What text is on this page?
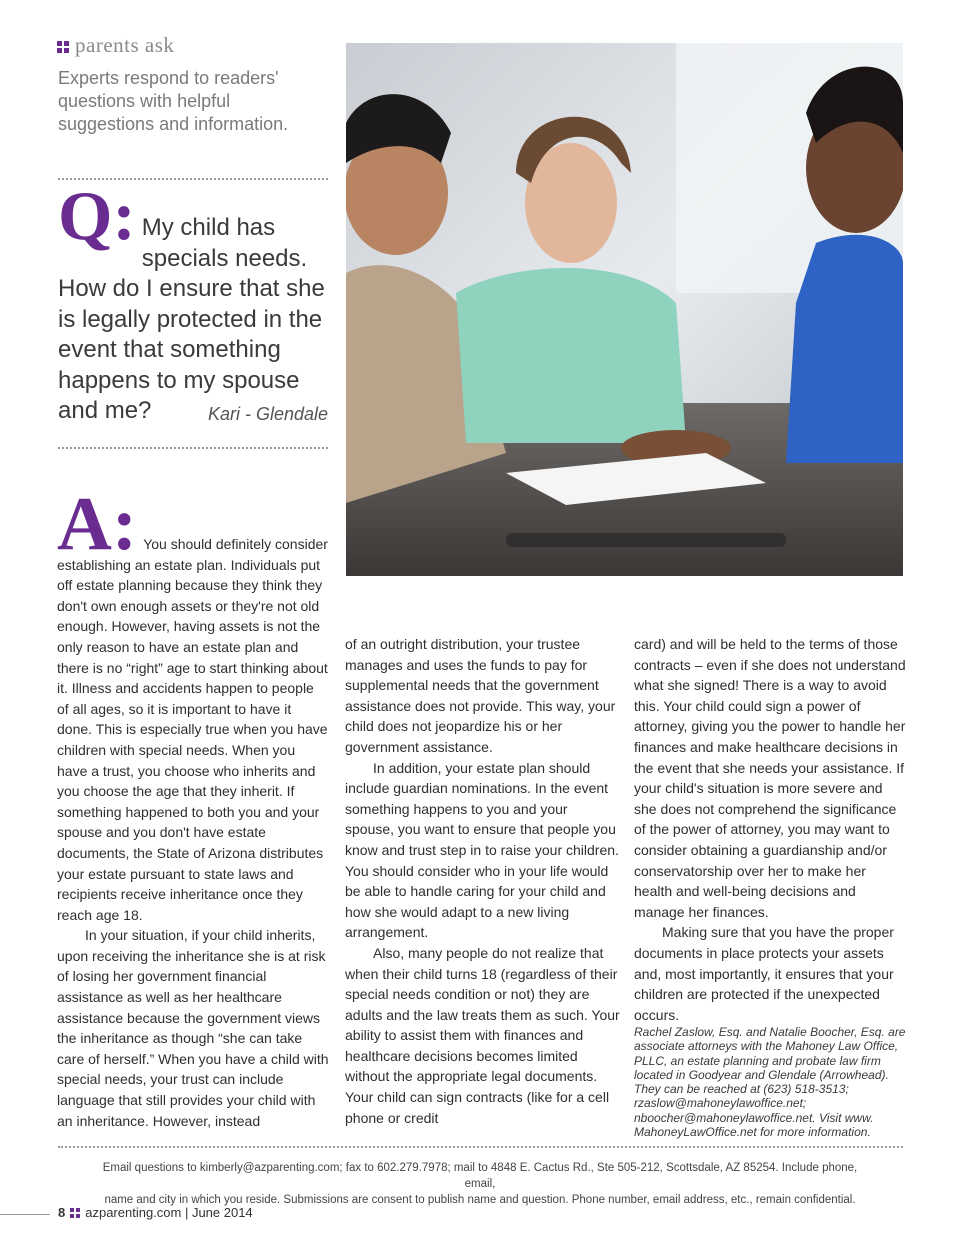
parents ask
Experts respond to readers' questions with helpful suggestions and information.
Q: My child has specials needs. How do I ensure that she is legally protected in the event that something happens to my spouse and me?	Kari - Glendale
A: You should definitely consider

establishing an estate plan. Individuals put off estate planning because they think they don't own enough assets or they're not old enough. However, having assets is not the only reason to have an estate plan and there is no “right” age to start thinking about it. Illness and accidents happen to people of all ages, so it is important to have it done. This is especially true when you have children with special needs. When you have a trust, you choose who inherits and you choose the age that they inherit. If something happened to both you and your spouse and you don't have estate documents, the State of Arizona distributes your estate pursuant to state laws and recipients receive inheritance once they reach age 18.

In your situation, if your child inherits, upon receiving the inheritance she is at risk of losing her government financial assistance as well as her healthcare assistance because the government views the inheritance as though “she can take care of herself.” When you have a child with special needs, your trust can include language that still provides your child with an inheritance. However, instead

of an outright distribution, your trustee manages and uses the funds to pay for supplemental needs that the government assistance does not provide. This way, your child does not jeopardize his or her government assistance.

In addition, your estate plan should include guardian nominations. In the event something happens to you and your spouse, you want to ensure that people you know and trust step in to raise your children. You should consider who in your life would be able to handle caring for your child and how she would adapt to a new living arrangement.

Also, many people do not realize that when their child turns 18 (regardless of their special needs condition or not) they are adults and the law treats them as such. Your ability to assist them with finances and healthcare decisions becomes limited without the appropriate legal documents. Your child can sign contracts (like for a cell phone or credit

card) and will be held to the terms of those contracts – even if she does not understand what she signed! There is a way to avoid this. Your child could sign a power of attorney, giving you the power to handle her finances and make healthcare decisions in the event that she needs your assistance. If your child's situation is more severe and she does not comprehend the significance of the power of attorney, you may want to consider obtaining a guardianship and/or conservatorship over her to make her health and well-being decisions and manage her finances.

Making sure that you have the proper documents in place protects your assets and, most importantly, it ensures that your children are protected if the unexpected occurs.

Rachel Zaslow, Esq. and Natalie Boocher, Esq. are associate attorneys with the Mahoney Law Office, PLLC, an estate planning and probate law firm located in Goodyear and Glendale (Arrowhead). They can be reached at (623) 518-3513; rzaslow@mahoneylawoffice.net; nboocher@mahoneylawoffice.net. Visit www. MahoneyLawOffice.net for more information.

Email questions to kimberly@azparenting.com; fax to 602.279.7978; mail to 4848 E. Cactus Rd., Ste 505-212, Scottsdale, AZ 85254. Include phone, email,
name and city in which you reside. Submissions are consent to publish name and question. Phone number, email address, etc., remain confidential.
8 azparenting.com | June 2014
